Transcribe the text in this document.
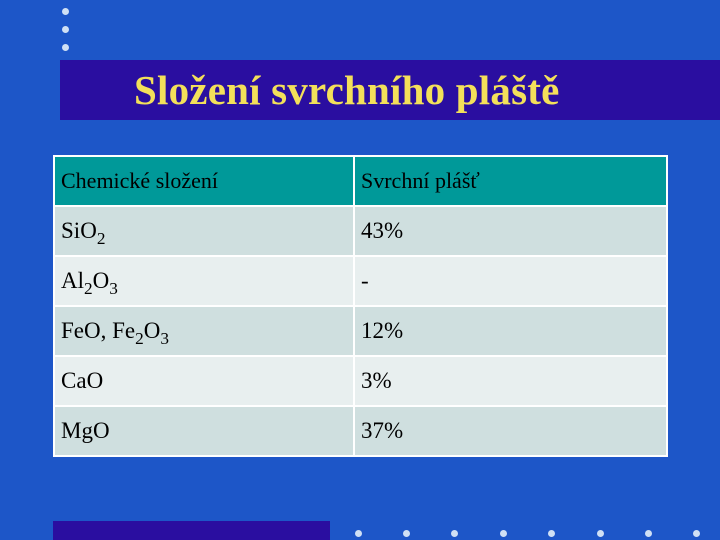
Složení svrchního pláště
Chemické složení	Svrchní plášť
SiO$_2$	43%
$Al_2O_3$	-
FeO, $Fe_2O_3$	12%
CaO	3%
MgO	37%
